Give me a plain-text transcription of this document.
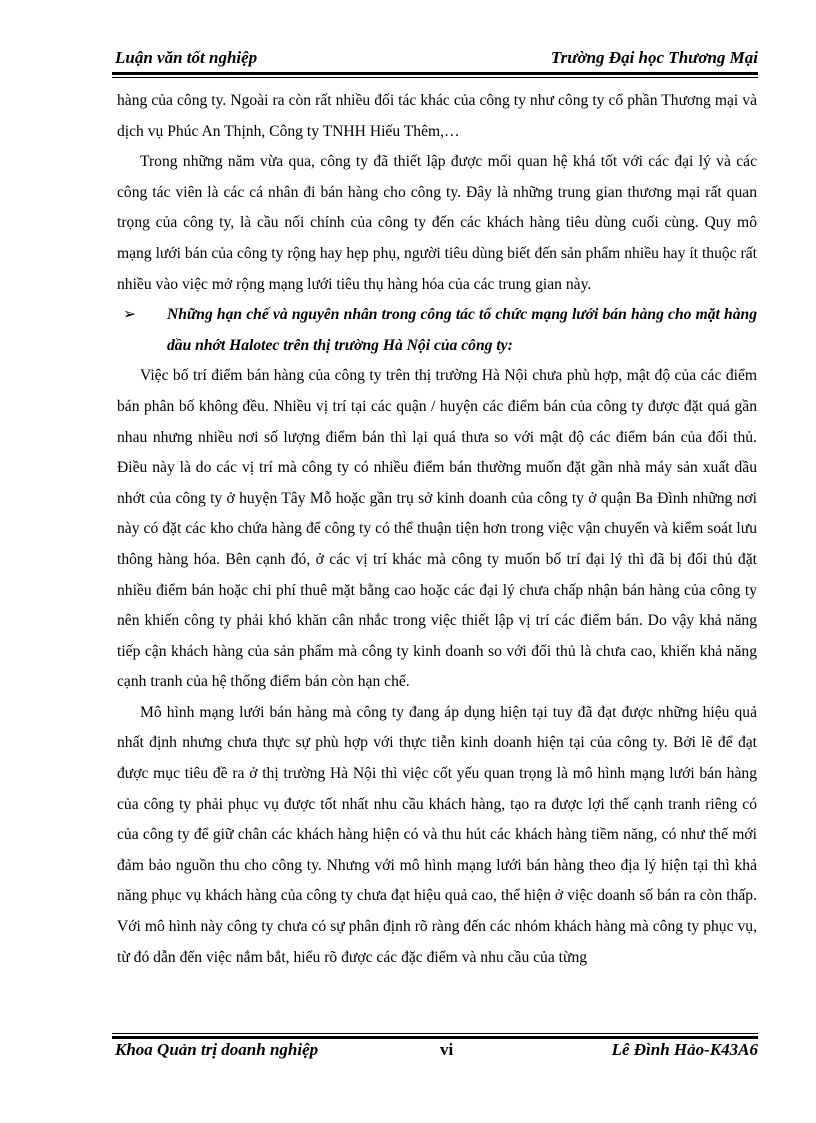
Luận văn tốt nghiệp	Trường Đại học Thương Mại

hàng của công ty. Ngoài ra còn rất nhiều đối tác khác của công ty như công ty cổ phần Thương mại và dịch vụ Phúc An Thịnh, Công ty TNHH Hiếu Thêm,…

Trong những năm vừa qua, công ty đã thiết lập được mối quan hệ khá tốt với các đại lý và các công tác viên là các cá nhân đi bán hàng cho công ty. Đây là những trung gian thương mại rất quan trọng của công ty, là cầu nối chính của công ty đến các khách hàng tiêu dùng cuối cùng. Quy mô mạng lưới bán của công ty rộng hay hẹp phụ, người tiêu dùng biết đến sản phẩm nhiều hay ít thuộc rất nhiều vào việc mở rộng mạng lưới tiêu thụ hàng hóa của các trung gian này.

➢ Những hạn chế và nguyên nhân trong công tác tổ chức mạng lưới bán hàng cho mặt hàng dầu nhớt Halotec trên thị trường Hà Nội của công ty:

Việc bố trí điểm bán hàng của công ty trên thị trường Hà Nội chưa phù hợp, mật độ của các điểm bán phân bố không đều. Nhiều vị trí tại các quận / huyện các điểm bán của công ty được đặt quá gần nhau nhưng nhiều nơi số lượng điểm bán thì lại quá thưa so với mật độ các điểm bán của đối thủ. Điều này là do các vị trí mà công ty có nhiều điểm bán thường muốn đặt gần nhà máy sản xuất dầu nhớt của công ty ở huyện Tây Mỗ hoặc gần trụ sở kinh doanh của công ty ở quận Ba Đình những nơi này có đặt các kho chứa hàng để công ty có thể thuận tiện hơn trong việc vận chuyển và kiểm soát lưu thông hàng hóa. Bên cạnh đó, ở các vị trí khác mà công ty muốn bố trí đại lý thì đã bị đối thủ đặt nhiều điểm bán hoặc chi phí thuê mặt bằng cao hoặc các đại lý chưa chấp nhận bán hàng của công ty nên khiến công ty phải khó khăn cân nhắc trong việc thiết lập vị trí các điểm bán. Do vậy khả năng tiếp cận khách hàng của sản phẩm mà công ty kinh doanh so với đối thủ là chưa cao, khiến khả năng cạnh tranh của hệ thống điểm bán còn hạn chế.

Mô hình mạng lưới bán hàng mà công ty đang áp dụng hiện tại tuy đã đạt được những hiệu quả nhất định nhưng chưa thực sự phù hợp với thực tiễn kinh doanh hiện tại của công ty. Bởi lẽ để đạt được mục tiêu đề ra ở thị trường Hà Nội thì việc cốt yếu quan trọng là mô hình mạng lưới bán hàng của công ty phải phục vụ được tốt nhất nhu cầu khách hàng, tạo ra được lợi thế cạnh tranh riêng có của công ty để giữ chân các khách hàng hiện có và thu hút các khách hàng tiềm năng, có như thế mới đảm bảo nguồn thu cho công ty. Nhưng với mô hình mạng lưới bán hàng theo địa lý hiện tại thì khả năng phục vụ khách hàng của công ty chưa đạt hiệu quả cao, thể hiện ở việc doanh số bán ra còn thấp. Với mô hình này công ty chưa có sự phân định rõ ràng đến các nhóm khách hàng mà công ty phục vụ, từ đó dẫn đến việc nắm bắt, hiểu rõ được các đặc điểm và nhu cầu của từng

Khoa Quản trị doanh nghiệp	vi	Lê Đình Hảo-K43A6
